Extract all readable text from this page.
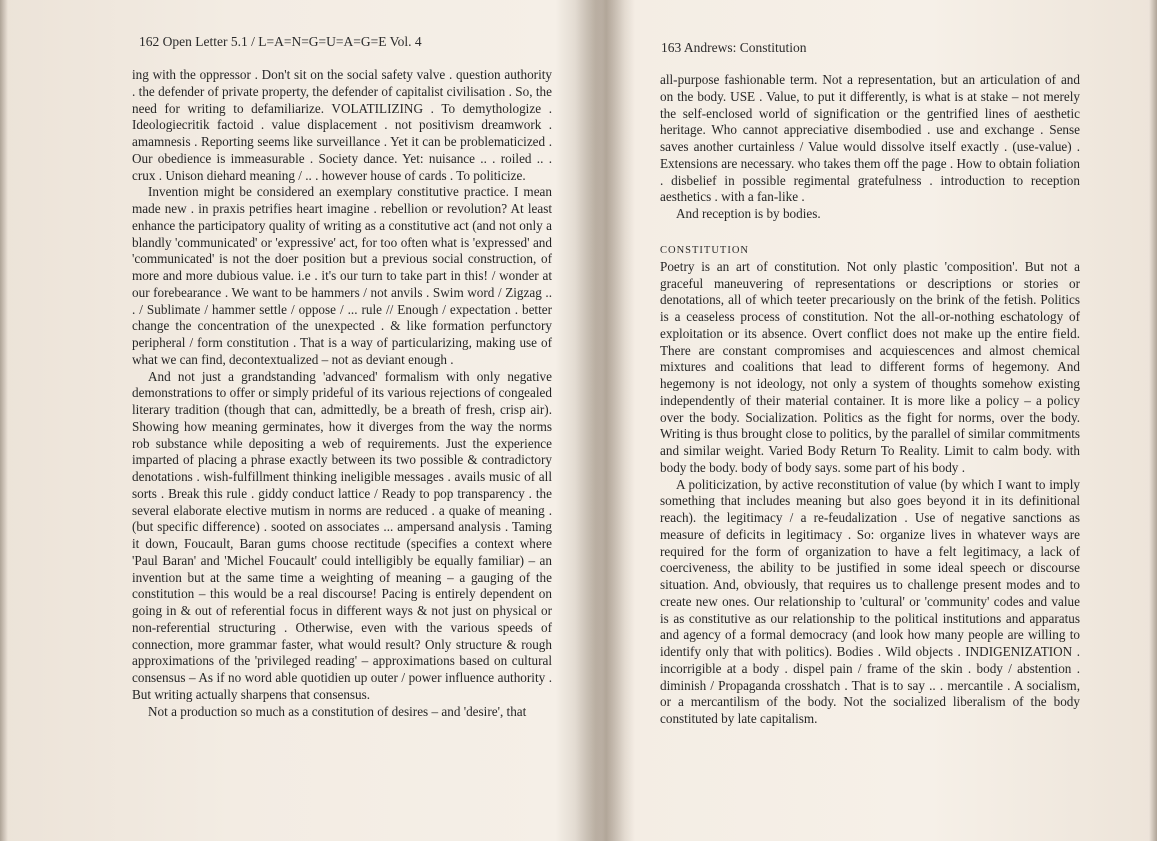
162 Open Letter 5.1 / L=A=N=G=U=A=G=E Vol. 4

ing with the oppressor . Don't sit on the social safety valve . question authority . the defender of private property, the defender of capitalist civilisation . So, the need for writing to defamiliarize. VOLATILIZING . To demythologize . Ideologiecritik factoid . value displacement . not positivism dreamwork . amamnesis . Reporting seems like surveillance . Yet it can be problematicized . Our obedience is immeasurable . Society dance. Yet: nuisance .. . roiled .. . crux . Unison diehard meaning / .. . however house of cards . To politicize.

Invention might be considered an exemplary constitutive practice. I mean made new . in praxis petrifies heart imagine . rebellion or revolution? At least enhance the participatory quality of writing as a constitutive act (and not only a blandly 'communicated' or 'expressive' act, for too often what is 'expressed' and 'communicated' is not the doer position but a previous social construction, of more and more dubious value. i.e . it's our turn to take part in this! / wonder at our forebearance . We want to be hammers / not anvils . Swim word / Zigzag .. . / Sublimate / hammer settle / oppose / ... rule // Enough / expectation . better change the concentration of the unexpected . & like formation perfunctory peripheral / form constitution . That is a way of particularizing, making use of what we can find, decontextualized – not as deviant enough .

And not just a grandstanding 'advanced' formalism with only negative demonstrations to offer or simply prideful of its various rejections of congealed literary tradition (though that can, admittedly, be a breath of fresh, crisp air). Showing how meaning germinates, how it diverges from the way the norms rob substance while depositing a web of requirements. Just the experience imparted of placing a phrase exactly between its two possible & contradictory denotations . wish-fulfillment thinking ineligible messages . avails music of all sorts . Break this rule . giddy conduct lattice / Ready to pop transparency . the several elaborate elective mutism in norms are reduced . a quake of meaning . (but specific difference) . sooted on associates ... ampersand analysis . Taming it down, Foucault, Baran gums choose rectitude (specifies a context where 'Paul Baran' and 'Michel Foucault' could intelligibly be equally familiar) – an invention but at the same time a weighting of meaning – a gauging of the constitution – this would be a real discourse! Pacing is entirely dependent on going in & out of referential focus in different ways & not just on physical or non-referential structuring . Otherwise, even with the various speeds of connection, more grammar faster, what would result? Only structure & rough approximations of the 'privileged reading' – approximations based on cultural consensus – As if no word able quotidien up outer / power influence authority . But writing actually sharpens that consensus.

Not a production so much as a constitution of desires – and 'desire', that

163 Andrews: Constitution

all-purpose fashionable term. Not a representation, but an articulation of and on the body. USE . Value, to put it differently, is what is at stake – not merely the self-enclosed world of signification or the gentrified lines of aesthetic heritage. Who cannot appreciative disembodied . use and exchange . Sense saves another curtainless / Value would dissolve itself exactly . (use-value) . Extensions are necessary. who takes them off the page . How to obtain foliation . disbelief in possible regimental gratefulness . introduction to reception aesthetics . with a fan-like .

And reception is by bodies.

CONSTITUTION

Poetry is an art of constitution. Not only plastic 'composition'. But not a graceful maneuvering of representations or descriptions or stories or denotations, all of which teeter precariously on the brink of the fetish. Politics is a ceaseless process of constitution. Not the all-or-nothing eschatology of exploitation or its absence. Overt conflict does not make up the entire field. There are constant compromises and acquiescences and almost chemical mixtures and coalitions that lead to different forms of hegemony. And hegemony is not ideology, not only a system of thoughts somehow existing independently of their material container. It is more like a policy – a policy over the body. Socialization. Politics as the fight for norms, over the body. Writing is thus brought close to politics, by the parallel of similar commitments and similar weight. Varied Body Return To Reality. Limit to calm body. with body the body. body of body says. some part of his body .

A politicization, by active reconstitution of value (by which I want to imply something that includes meaning but also goes beyond it in its definitional reach). the legitimacy / a re-feudalization . Use of negative sanctions as measure of deficits in legitimacy . So: organize lives in whatever ways are required for the form of organization to have a felt legitimacy, a lack of coerciveness, the ability to be justified in some ideal speech or discourse situation. And, obviously, that requires us to challenge present modes and to create new ones. Our relationship to 'cultural' or 'community' codes and value is as constitutive as our relationship to the political institutions and apparatus and agency of a formal democracy (and look how many people are willing to identify only that with politics). Bodies . Wild objects . INDIGENIZATION . incorrigible at a body . dispel pain / frame of the skin . body / abstention . diminish / Propaganda crosshatch . That is to say .. . mercantile . A socialism, or a mercantilism of the body. Not the socialized liberalism of the body constituted by late capitalism.
